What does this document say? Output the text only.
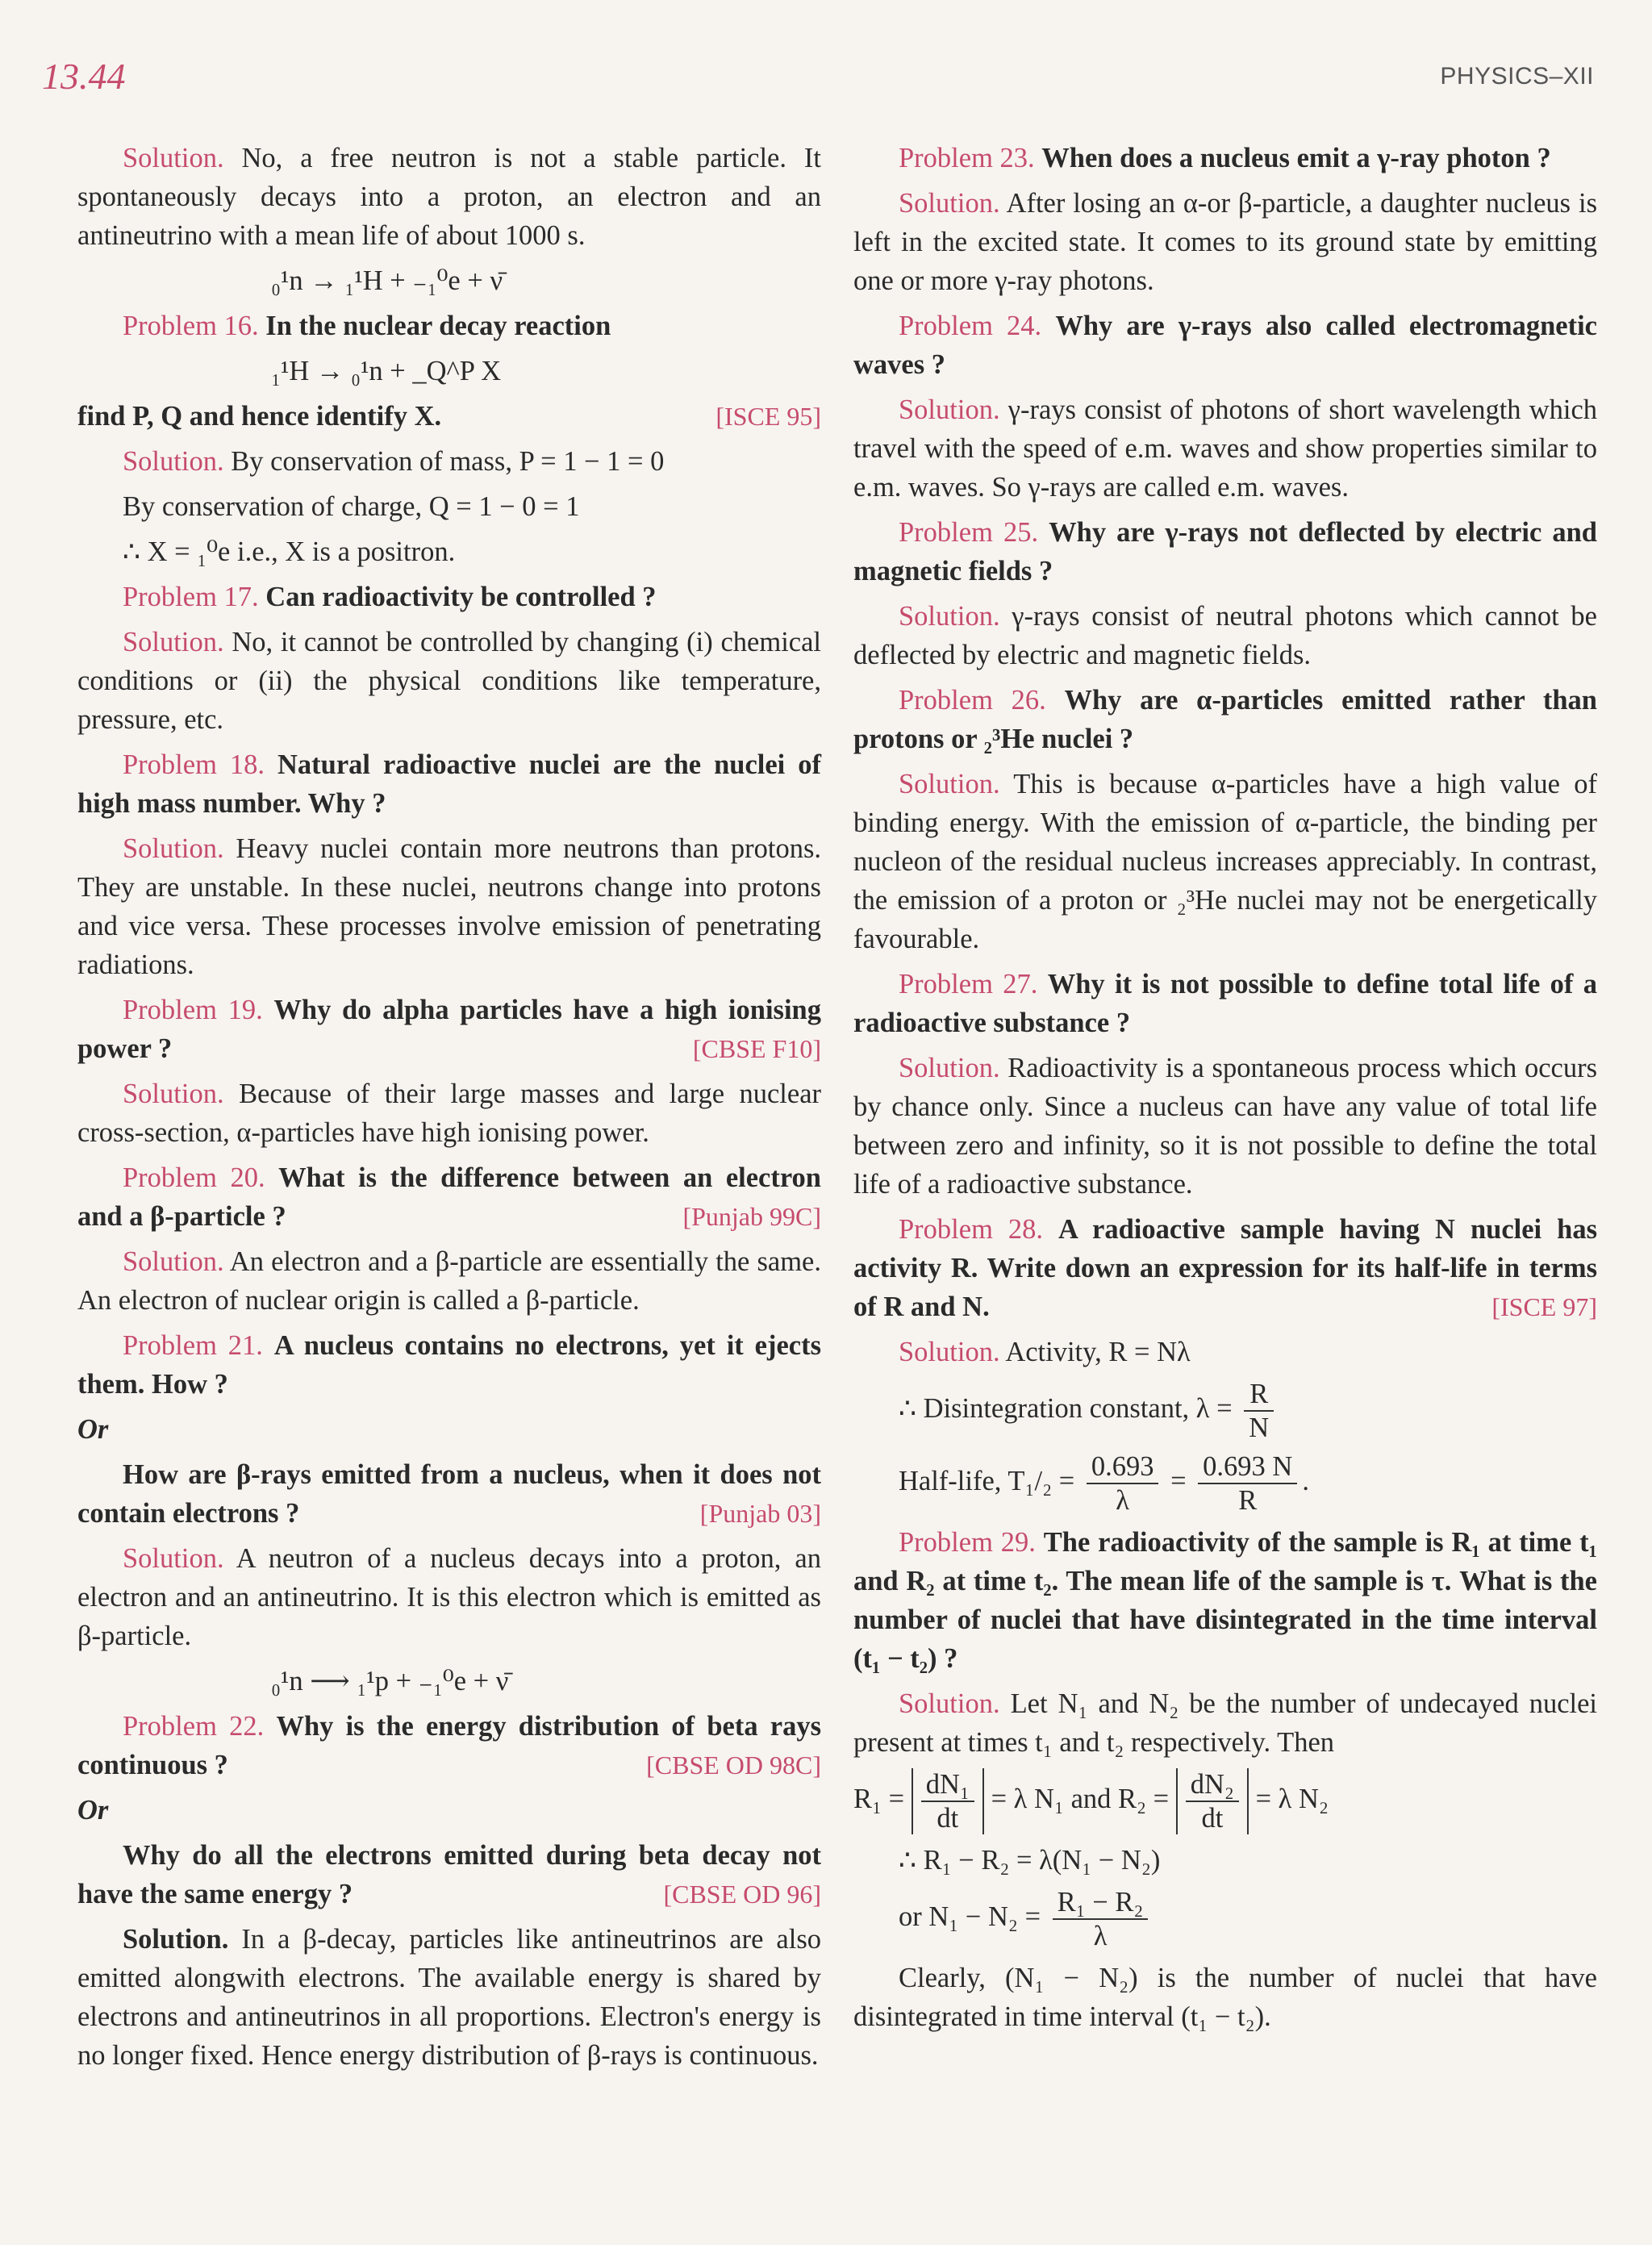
13.44	PHYSICS–XII

Solution. No, a free neutron is not a stable particle. It spontaneously decays into a proton, an electron and an antineutrino with a mean life of about 1000 s.

₀¹n → ₁¹H + ₋₁⁰e + ν̄

Problem 16. In the nuclear decay reaction

₁¹H → ₀¹n + _Q^P X

[ISCE 95]
find P, Q and hence identify X.

Solution. By conservation of mass, P = 1 − 1 = 0

By conservation of charge, Q = 1 − 0 = 1

∴ X = ₁⁰e i.e., X is a positron.

Problem 17. Can radioactivity be controlled ?

Solution. No, it cannot be controlled by changing (i) chemical conditions or (ii) the physical conditions like temperature, pressure, etc.

Problem 18. Natural radioactive nuclei are the nuclei of high mass number. Why ?

Solution. Heavy nuclei contain more neutrons than protons. They are unstable. In these nuclei, neutrons change into protons and vice versa. These processes involve emission of penetrating radiations.

Problem 19. Why do alpha particles have a high ionising power ?	[CBSE F10]

Solution. Because of their large masses and large nuclear cross-section, α-particles have high ionising power.

Problem 20. What is the difference between an electron and a β-particle ?	[Punjab 99C]

Solution. An electron and a β-particle are essentially the same. An electron of nuclear origin is called a β-particle.

Problem 21. A nucleus contains no electrons, yet it ejects them. How ?

Or

How are β-rays emitted from a nucleus, when it does not contain electrons ?	[Punjab 03]

Solution. A neutron of a nucleus decays into a proton, an electron and an antineutrino. It is this electron which is emitted as β-particle.

₀¹n ⟶ ₁¹p + ₋₁⁰e + ν̄

Problem 22. Why is the energy distribution of beta rays continuous ?	[CBSE OD 98C]

Or

Why do all the electrons emitted during beta decay not have the same energy ?	[CBSE OD 96]

Solution. In a β-decay, particles like antineutrinos are also emitted alongwith electrons. The available energy is shared by electrons and antineutrinos in all proportions. Electron's energy is no longer fixed. Hence energy distribution of β-rays is continuous.

Problem 23. When does a nucleus emit a γ-ray photon ?

Solution. After losing an α-or β-particle, a daughter nucleus is left in the excited state. It comes to its ground state by emitting one or more γ-ray photons.

Problem 24. Why are γ-rays also called electromagnetic waves ?

Solution. γ-rays consist of photons of short wavelength which travel with the speed of e.m. waves and show properties similar to e.m. waves. So γ-rays are called e.m. waves.

Problem 25. Why are γ-rays not deflected by electric and magnetic fields ?

Solution. γ-rays consist of neutral photons which cannot be deflected by electric and magnetic fields.

Problem 26. Why are α-particles emitted rather than protons or ₂³He nuclei ?

Solution. This is because α-particles have a high value of binding energy. With the emission of α-particle, the binding per nucleon of the residual nucleus increases appreciably. In contrast, the emission of a proton or ₂³He nuclei may not be energetically favourable.

Problem 27. Why it is not possible to define total life of a radioactive substance ?

Solution. Radioactivity is a spontaneous process which occurs by chance only. Since a nucleus can have any value of total life between zero and infinity, so it is not possible to define the total life of a radioactive substance.

Problem 28. A radioactive sample having N nuclei has activity R. Write down an expression for its half-life in terms of R and N.	[ISCE 97]

Solution. Activity, R = Nλ

∴ Disintegration constant, $\lambda = \frac{R}{N}$

Half-life, $T_1/_2 = \frac{0.693}{\lambda} = \frac{0.693 N}{R}$ .

Problem 29. The radioactivity of the sample is R₁ at time t₁ and R₂ at time t₂. The mean life of the sample is τ. What is the number of nuclei that have disintegrated in the time interval (t₁ − t₂) ?

Solution. Let N₁ and N₂ be the number of undecayed nuclei present at times t₁ and t₂ respectively. Then

$R_1 = \frac{\text{dN₁}}{dt} = \lambda$ N₁ and $R_2 = \frac{\text{dN₂}}{dt} = \lambda$ N₂

∴ R₁ − R₂ = λ(N₁ − N₂)

or $N_1 - N_2 = \frac{\text{R₁ − R₂}}{\lambda}$

Clearly, (N₁ − N₂) is the number of nuclei that have disintegrated in time interval (t₁ − t₂).
